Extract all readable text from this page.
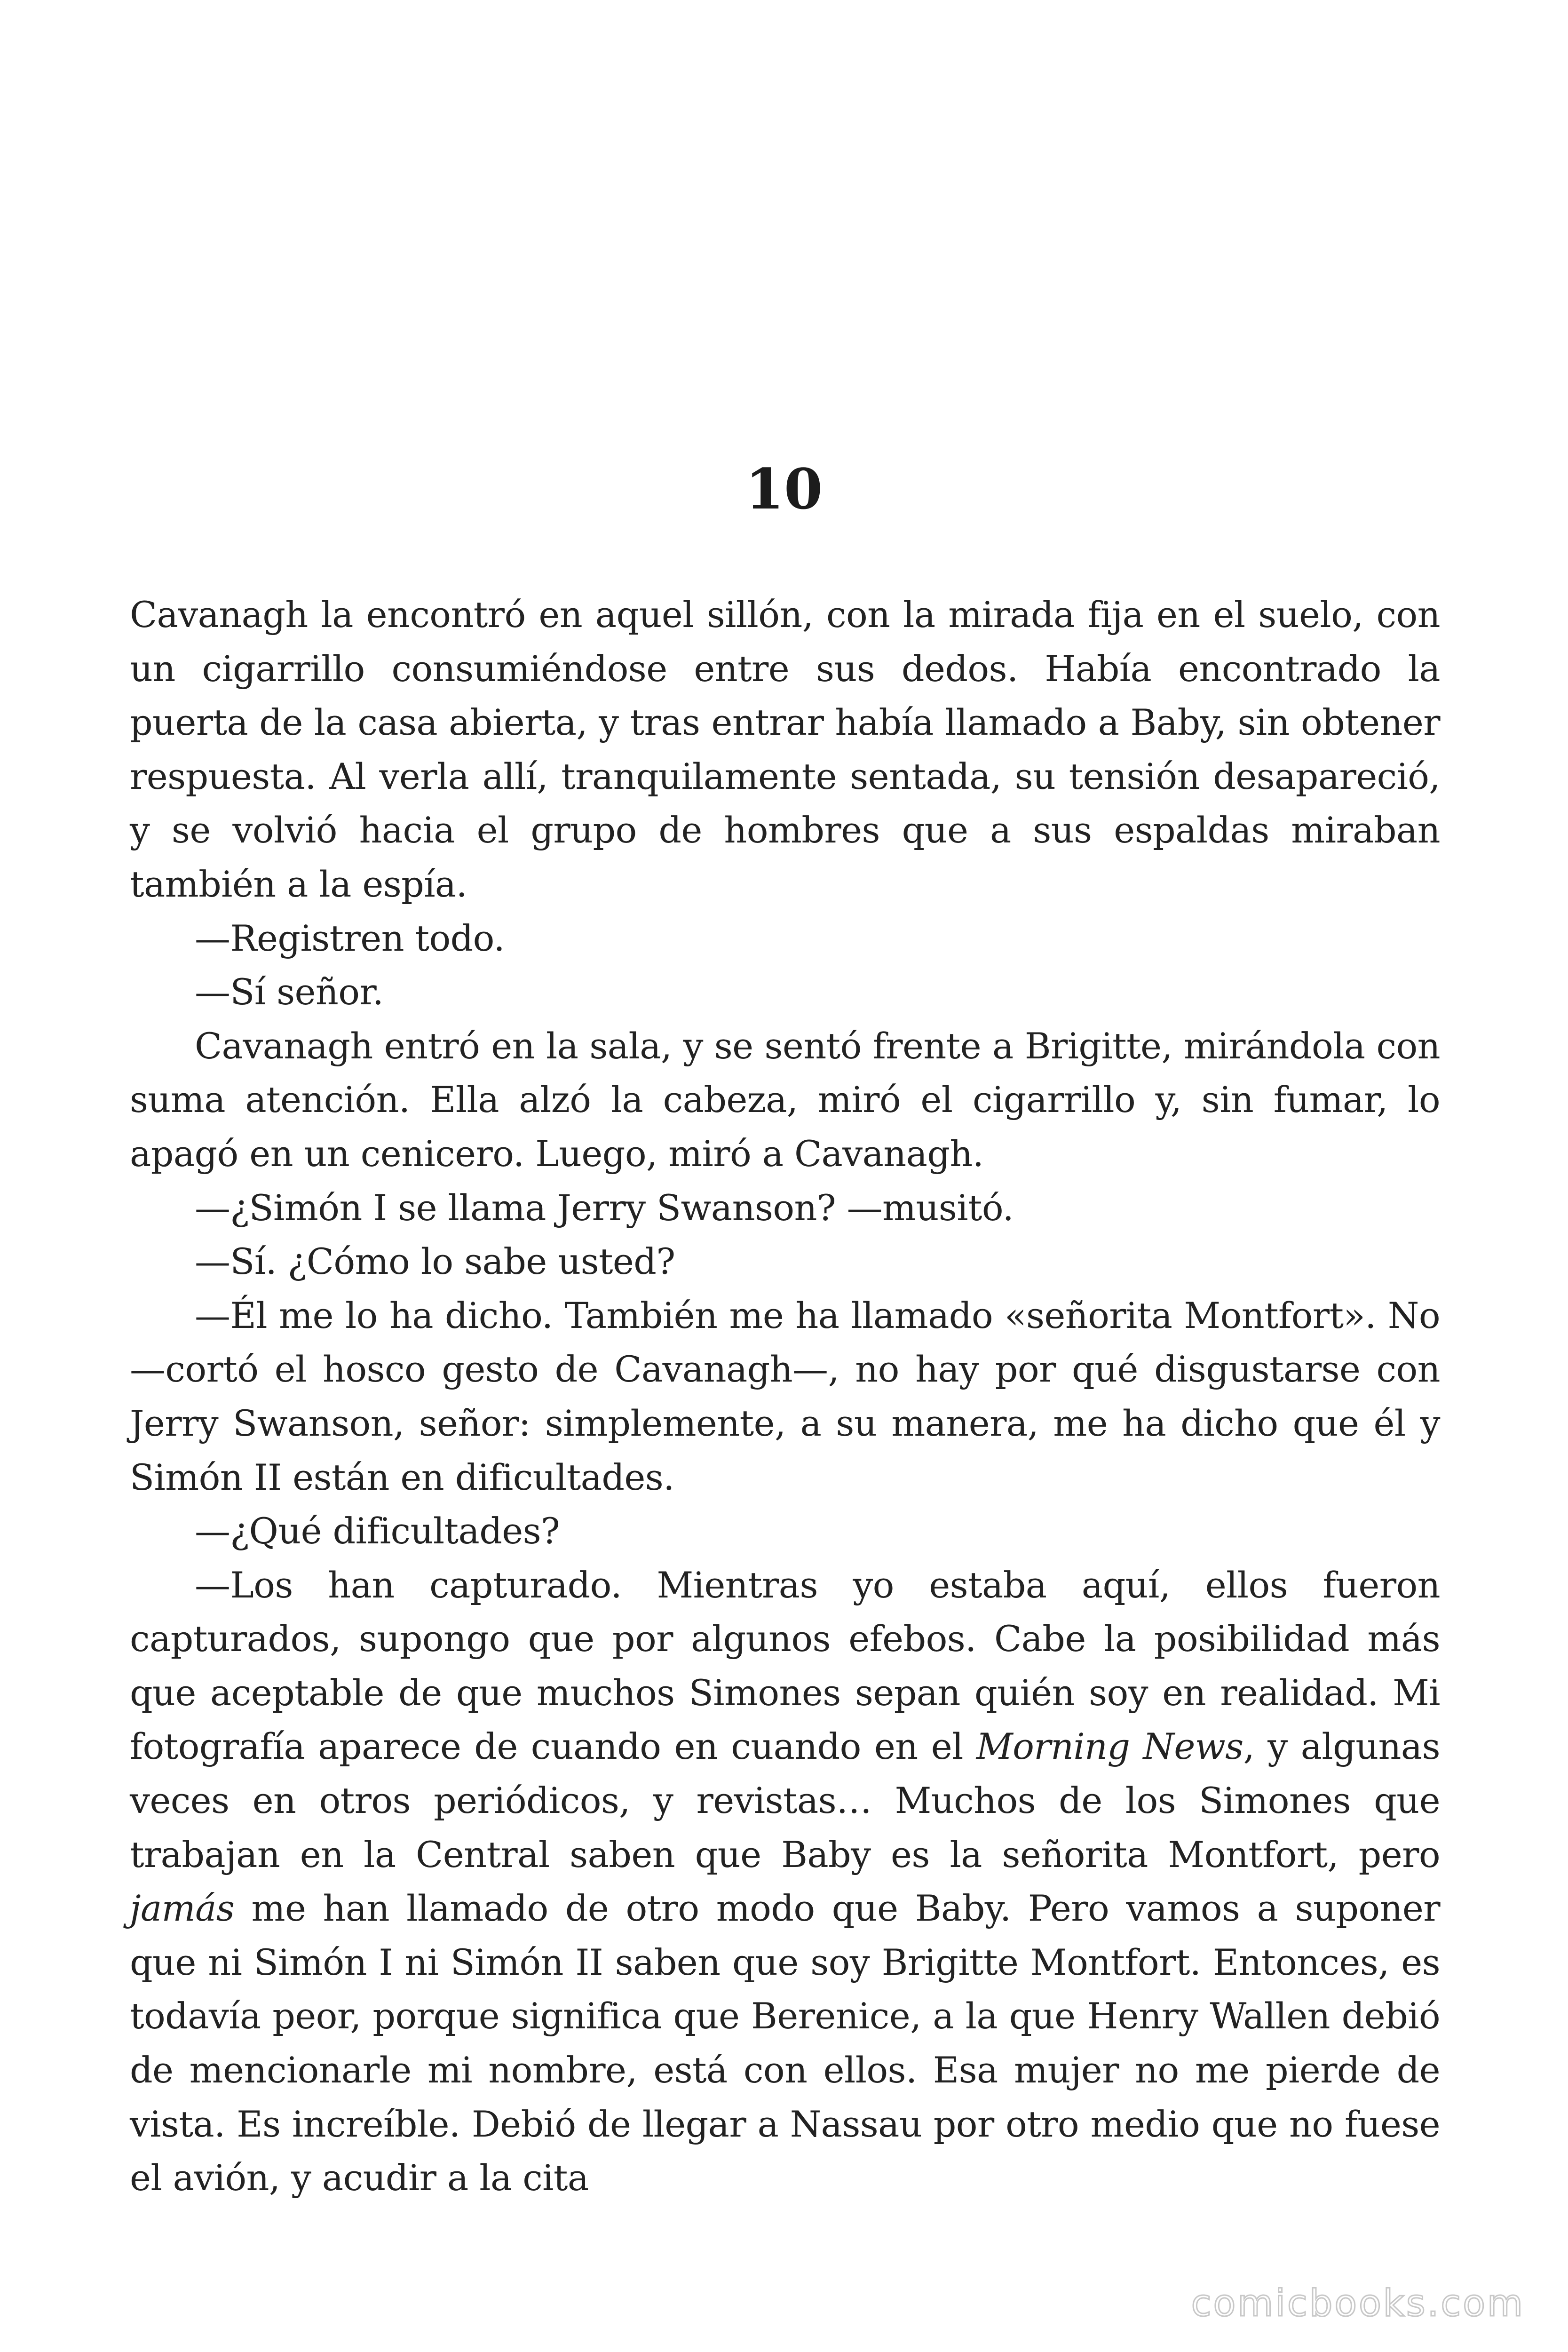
10

Cavanagh la encontró en aquel sillón, con la mirada fija en el suelo, con un cigarrillo consumiéndose entre sus dedos. Había encontrado la puerta de la casa abierta, y tras entrar había llamado a Baby, sin obtener respuesta. Al verla allí, tranquilamente sentada, su tensión desapareció, y se volvió hacia el grupo de hombres que a sus espaldas miraban también a la espía.

—Registren todo.

—Sí señor.

Cavanagh entró en la sala, y se sentó frente a Brigitte, mirándola con suma atención. Ella alzó la cabeza, miró el cigarrillo y, sin fumar, lo apagó en un cenicero. Luego, miró a Cavanagh.

—¿Simón I se llama Jerry Swanson? —musitó.

—Sí. ¿Cómo lo sabe usted?

—Él me lo ha dicho. También me ha llamado «señorita Montfort». No —cortó el hosco gesto de Cavanagh—, no hay por qué disgustarse con Jerry Swanson, señor: simplemente, a su manera, me ha dicho que él y Simón II están en dificultades.

—¿Qué dificultades?

—Los han capturado. Mientras yo estaba aquí, ellos fueron capturados, supongo que por algunos efebos. Cabe la posibilidad más que aceptable de que muchos Simones sepan quién soy en realidad. Mi fotografía aparece de cuando en cuando en el Morning News, y algunas veces en otros periódicos, y revistas… Muchos de los Simones que trabajan en la Central saben que Baby es la señorita Montfort, pero jamás me han llamado de otro modo que Baby. Pero vamos a suponer que ni Simón I ni Simón II saben que soy Brigitte Montfort. Entonces, es todavía peor, porque significa que Berenice, a la que Henry Wallen debió de mencionarle mi nombre, está con ellos. Esa mujer no me pierde de vista. Es increíble. Debió de llegar a Nassau por otro medio que no fuese el avión, y acudir a la cita

comicbooks.com
